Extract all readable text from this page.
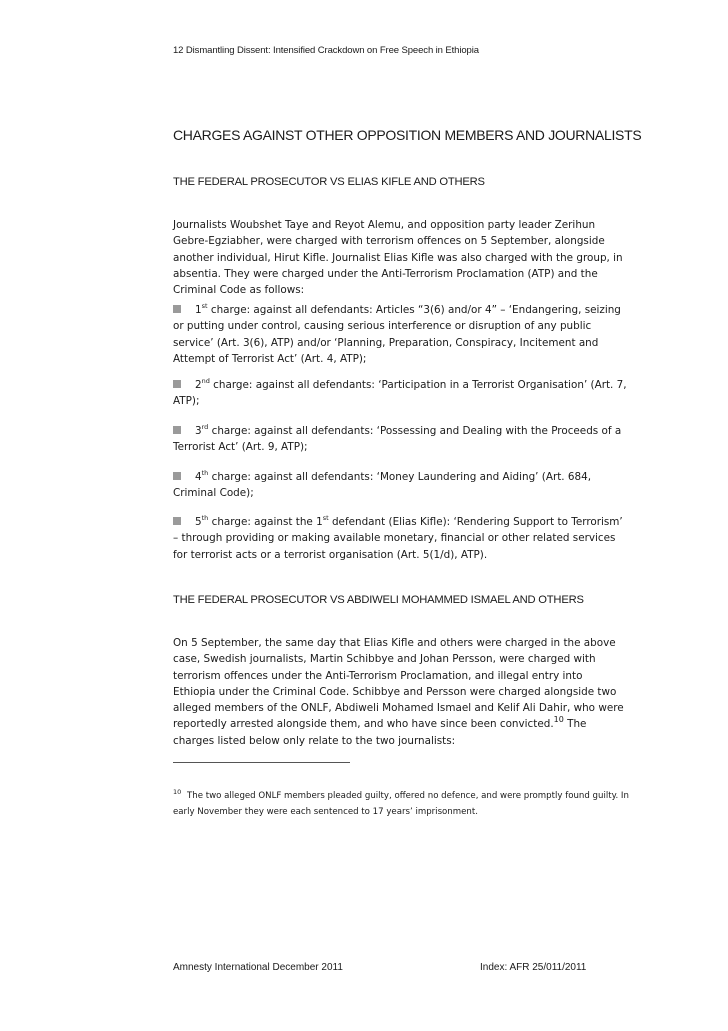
12 Dismantling Dissent: Intensified Crackdown on Free Speech in Ethiopia
CHARGES AGAINST OTHER OPPOSITION MEMBERS AND JOURNALISTS
THE FEDERAL PROSECUTOR VS ELIAS KIFLE AND OTHERS

Journalists Woubshet Taye and Reyot Alemu, and opposition party leader Zerihun Gebre-Egziabher, were charged with terrorism offences on 5 September, alongside another individual, Hirut Kifle. Journalist Elias Kifle was also charged with the group, in absentia. They were charged under the Anti-Terrorism Proclamation (ATP) and the Criminal Code as follows:

1st charge: against all defendants: Articles “3(6) and/or 4” – ‘Endangering, seizing or putting under control, causing serious interference or disruption of any public service’ (Art. 3(6), ATP) and/or ‘Planning, Preparation, Conspiracy, Incitement and Attempt of Terrorist Act’ (Art. 4, ATP);
2nd charge: against all defendants: ‘Participation in a Terrorist Organisation’ (Art. 7, ATP);
3rd charge: against all defendants: ‘Possessing and Dealing with the Proceeds of a Terrorist Act’ (Art. 9, ATP);
4th charge: against all defendants: ‘Money Laundering and Aiding’ (Art. 684, Criminal Code);
5th charge: against the 1st defendant (Elias Kifle): ‘Rendering Support to Terrorism’ – through providing or making available monetary, financial or other related services for terrorist acts or a terrorist organisation (Art. 5(1/d), ATP).
THE FEDERAL PROSECUTOR VS ABDIWELI MOHAMMED ISMAEL AND OTHERS
On 5 September, the same day that Elias Kifle and others were charged in the above case, Swedish journalists, Martin Schibbye and Johan Persson, were charged with terrorism offences under the Anti-Terrorism Proclamation, and illegal entry into Ethiopia under the Criminal Code. Schibbye and Persson were charged alongside two alleged members of the ONLF, Abdiweli Mohamed Ismael and Kelif Ali Dahir, who were reportedly arrested alongside them, and who have since been convicted.$^{10}$ The charges listed below only relate to the two journalists:
$^{10}$ The two alleged ONLF members pleaded guilty, offered no defence, and were promptly found guilty. In early November they were each sentenced to 17 years’ imprisonment.
Amnesty International December 2011	Index: AFR 25/011/2011
